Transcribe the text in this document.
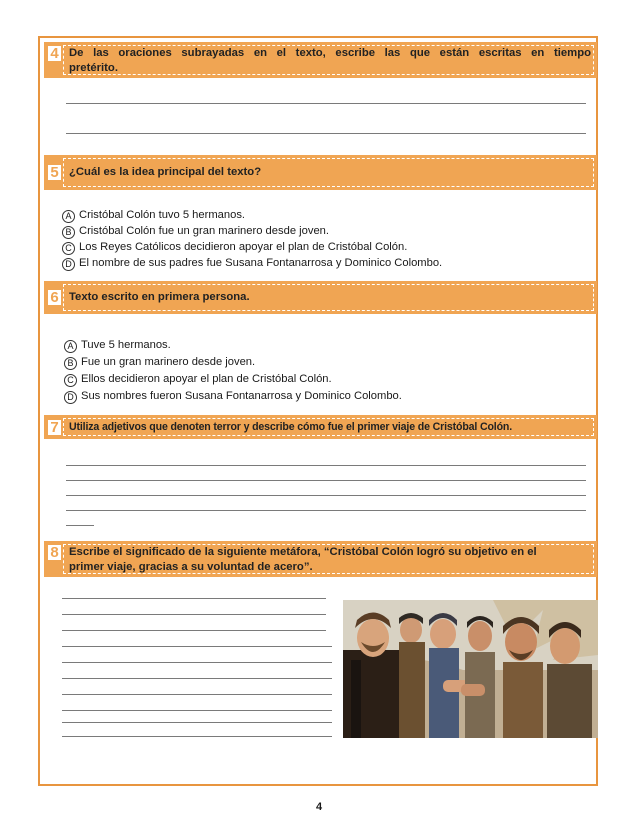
4 De las oraciones subrayadas en el texto, escribe las que están escritas en tiempo
pretérito.
5 ¿Cuál es la idea principal del texto?
A Cristóbal Colón tuvo 5 hermanos.
B Cristóbal Colón fue un gran marinero desde joven.
C Los Reyes Católicos decidieron apoyar el plan de Cristóbal Colón.
D El nombre de sus padres fue Susana Fontanarrosa y Dominico Colombo.
6 Texto escrito en primera persona.
A Tuve 5 hermanos.
B Fue un gran marinero desde joven.
C Ellos decidieron apoyar el plan de Cristóbal Colón.
D Sus nombres fueron Susana Fontanarrosa y Dominico Colombo.
7 Utiliza adjetivos que denoten terror y describe cómo fue el primer viaje de Cristóbal Colón.
8 Escribe el significado de la siguiente metáfora, “Cristóbal Colón logró su objetivo en el
primer viaje, gracias a su voluntad de acero”.
4
